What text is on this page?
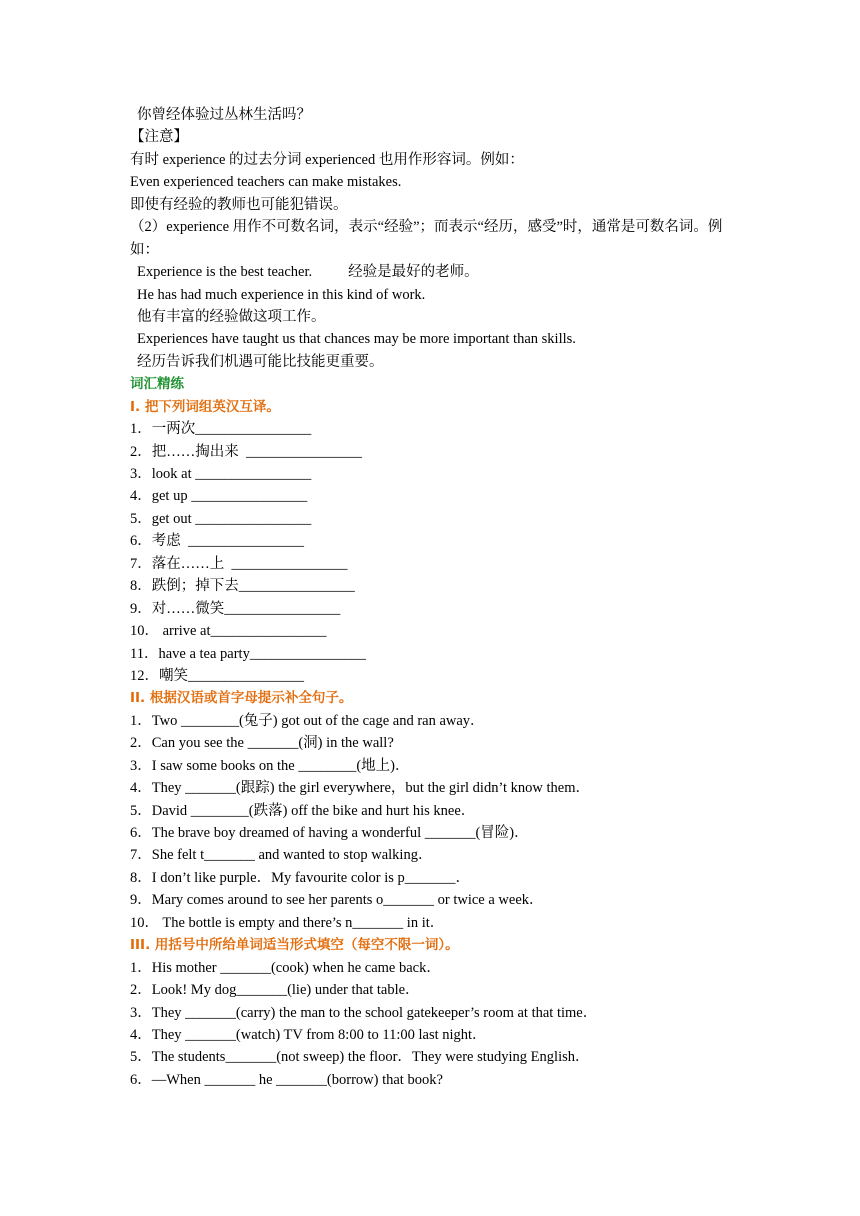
你曾经体验过丛林生活吗？
【注意】
有时 experience 的过去分词 experienced 也用作形容词。例如：
Even experienced teachers can make mistakes.
即使有经验的教师也可能犯错误。
（2）experience 用作不可数名词，表示“经验”；而表示“经历，感受”时，通常是可数名词。例如：
Experience is the best teacher. 经验是最好的老师。
He has had much experience in this kind of work.
他有丰富的经验做这项工作。
Experiences have taught us that chances may be more important than skills.
经历告诉我们机遇可能比技能更重要。
词汇精练
I. 把下列词组英汉互译。
1．一两次________________
2．把……掏出来  ________________
3．look at ________________
4．get up ________________
5．get out ________________
6．考虑  ________________
7．落在……上  ________________
8．跌倒；掉下去________________
9．对……微笑________________
10． arrive at________________
11．have a tea party________________
12．嘲笑________________
II. 根据汉语或首字母提示补全句子。
1．Two ________(兔子) got out of the cage and ran away．
2．Can you see the _______(洞) in the wall?
3．I saw some books on the ________(地上)．
4．They _______(跟踪) the girl everywhere，but the girl didn’t know them．
5．David ________(跌落) off the bike and hurt his knee．
6．The brave boy dreamed of having a wonderful _______(冒险)．
7．She felt t_______ and wanted to stop walking．
8．I don’t like purple．My favourite color is p_______．
9．Mary comes around to see her parents o_______ or twice a week．
10． The bottle is empty and there’s n_______ in it．
III. 用括号中所给单词适当形式填空（每空不限一词）。
1．His mother _______(cook) when he came back．
2．Look! My dog_______(lie) under that table．
3．They _______(carry) the man to the school gatekeeper’s room at that time．
4．They _______(watch) TV from 8:00 to 11:00 last night．
5．The students_______(not sweep) the floor．They were studying English．
6．—When _______ he _______(borrow) that book?
